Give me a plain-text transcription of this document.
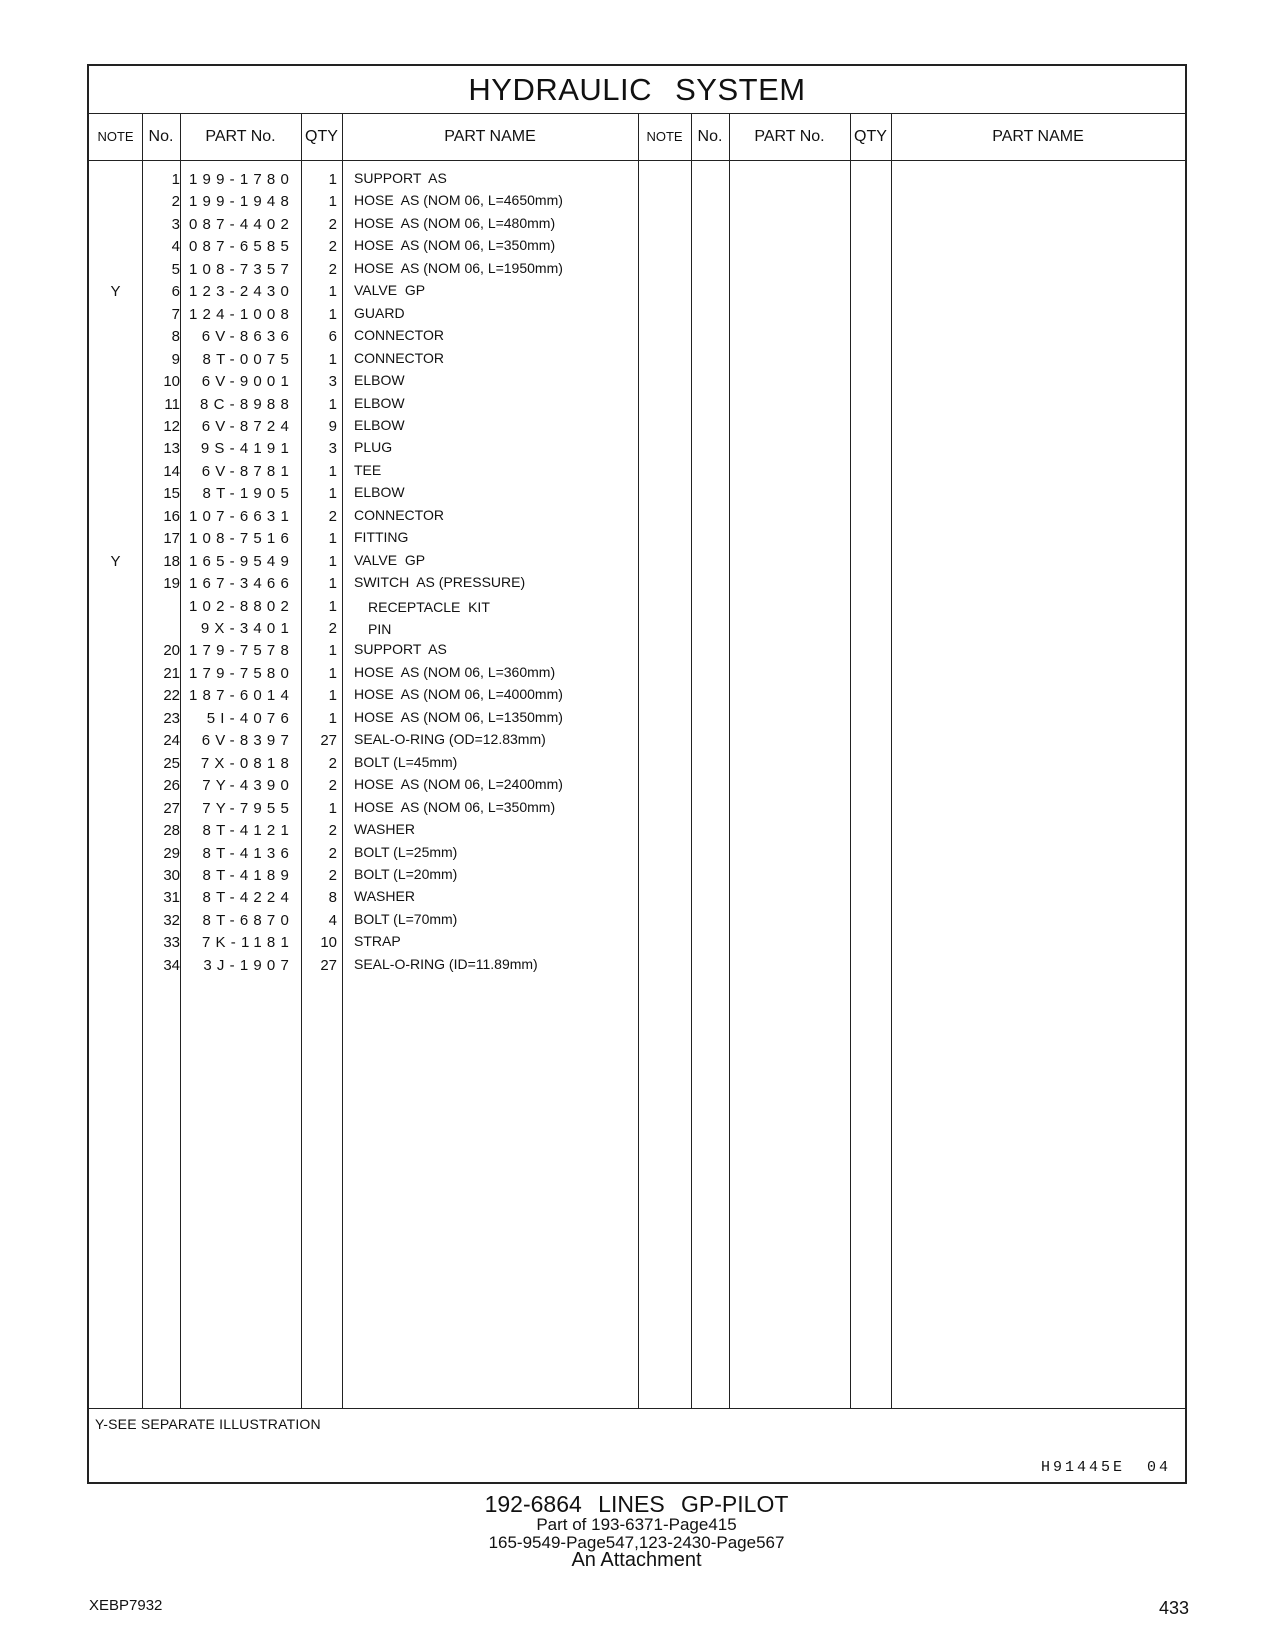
HYDRAULIC SYSTEM
NOTE No.	PART No.	QTY	PART NAME	NOTE No.	PART No.	QTY	PART NAME
1 199-1780	1 SUPPORT  AS
2 199-1948	1 HOSE  AS (NOM 06, L=4650mm)
3 087-4402	2 HOSE  AS (NOM 06, L=480mm)
4 087-6585	2 HOSE  AS (NOM 06, L=350mm)
5 108-7357	2 HOSE  AS (NOM 06, L=1950mm)
Y	6 123-2430	1 VALVE  GP
7 124-1008	1 GUARD
8	6V-8636	6 CONNECTOR
9	8T-0075	1 CONNECTOR
10	6V-9001	3 ELBOW
11	8C-8988	1 ELBOW
12	6V-8724	9 ELBOW
13	9S-4191	3 PLUG
14	6V-8781	1 TEE
15	8T-1905	1 ELBOW
16 107-6631	2 CONNECTOR
17 108-7516	1 FITTING
Y	18 165-9549	1 VALVE  GP
19 167-3466	1 SWITCH  AS (PRESSURE)
102-8802	1 RECEPTACLE  KIT
9X-3401	2 PIN
20 179-7578	1 SUPPORT  AS
21 179-7580	1 HOSE  AS (NOM 06, L=360mm)
22 187-6014	1 HOSE  AS (NOM 06, L=4000mm)
23	5I-4076	1 HOSE  AS (NOM 06, L=1350mm)
24	6V-8397	27 SEAL-O-RING (OD=12.83mm)
25	7X-0818	2 BOLT (L=45mm)
26	7Y-4390	2 HOSE  AS (NOM 06, L=2400mm)
27	7Y-7955	1 HOSE  AS (NOM 06, L=350mm)
28	8T-4121	2 WASHER
29	8T-4136	2 BOLT (L=25mm)
30	8T-4189	2 BOLT (L=20mm)
31	8T-4224	8 WASHER
32	8T-6870	4 BOLT (L=70mm)
33	7K-1181	10 STRAP
34	3J-1907	27 SEAL-O-RING (ID=11.89mm)
Y-SEE SEPARATE ILLUSTRATION
H91445E 04
192-6864 LINES GP-PILOT
Part of 193-6371-Page415
165-9549-Page547,123-2430-Page567
An Attachment
XEBP7932	433
